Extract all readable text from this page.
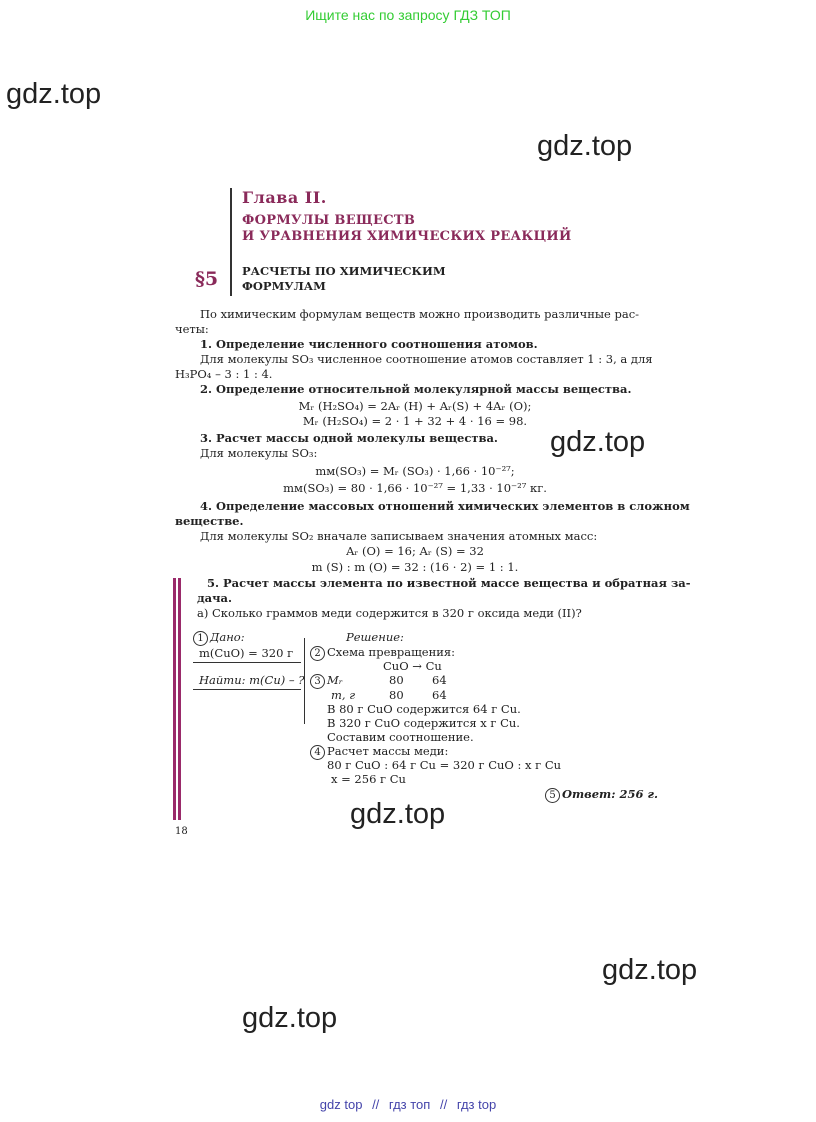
Ищите нас по запросу ГДЗ ТОП
gdz.top
gdz.top
gdz.top
gdz.top
gdz.top
gdz.top
gdz top // гдз топ // гдз top
Глава II.
ФОРМУЛЫ ВЕЩЕСТВ
И УРАВНЕНИЯ ХИМИЧЕСКИХ РЕАКЦИЙ
§5 РАСЧЕТЫ ПО ХИМИЧЕСКИМ
ФОРМУЛАМ
По химическим формулам веществ можно производить различные рас-
четы:
1. Определение численного соотношения атомов.
Для молекулы SO₃ численное соотношение атомов составляет 1 : 3, а для
H₃PO₄ – 3 : 1 : 4.
2. Определение относительной молекулярной массы вещества.
Mᵣ (H₂SO₄) = 2Aᵣ (H) + Aᵣ(S) + 4Aᵣ (O);
Mᵣ (H₂SO₄) = 2 · 1 + 32 + 4 · 16 = 98.
3. Расчет массы одной молекулы вещества.
Для молекулы SO₃:
mм(SO₃) = Mᵣ (SO₃) · 1,66 · 10⁻²⁷;
mм(SO₃) = 80 · 1,66 · 10⁻²⁷ = 1,33 · 10⁻²⁷ кг.
4. Определение массовых отношений химических элементов в сложном
веществе.
Для молекулы SO₂ вначале записываем значения атомных масс:
Aᵣ (O) = 16; Aᵣ (S) = 32
m (S) : m (O) = 32 : (16 · 2) = 1 : 1.
5. Расчет массы элемента по известной массе вещества и обратная за-
дача.
а) Сколько граммов меди содержится в 320 г оксида меди (II)?
1 Дано:
m(CuO) = 320 г
Найти: m(Cu) – ?
Решение:
2 Схема превращения:
CuO → Cu
3 Mᵣ	80 64
m, г	80 64
В 80 г CuO содержится 64 г Cu.
В 320 г CuO содержится x г Cu.
Составим соотношение.
4 Расчет массы меди:
80 г CuO : 64 г Cu = 320 г CuO : x г Cu
x = 256 г Cu
5 Ответ: 256 г.
18
